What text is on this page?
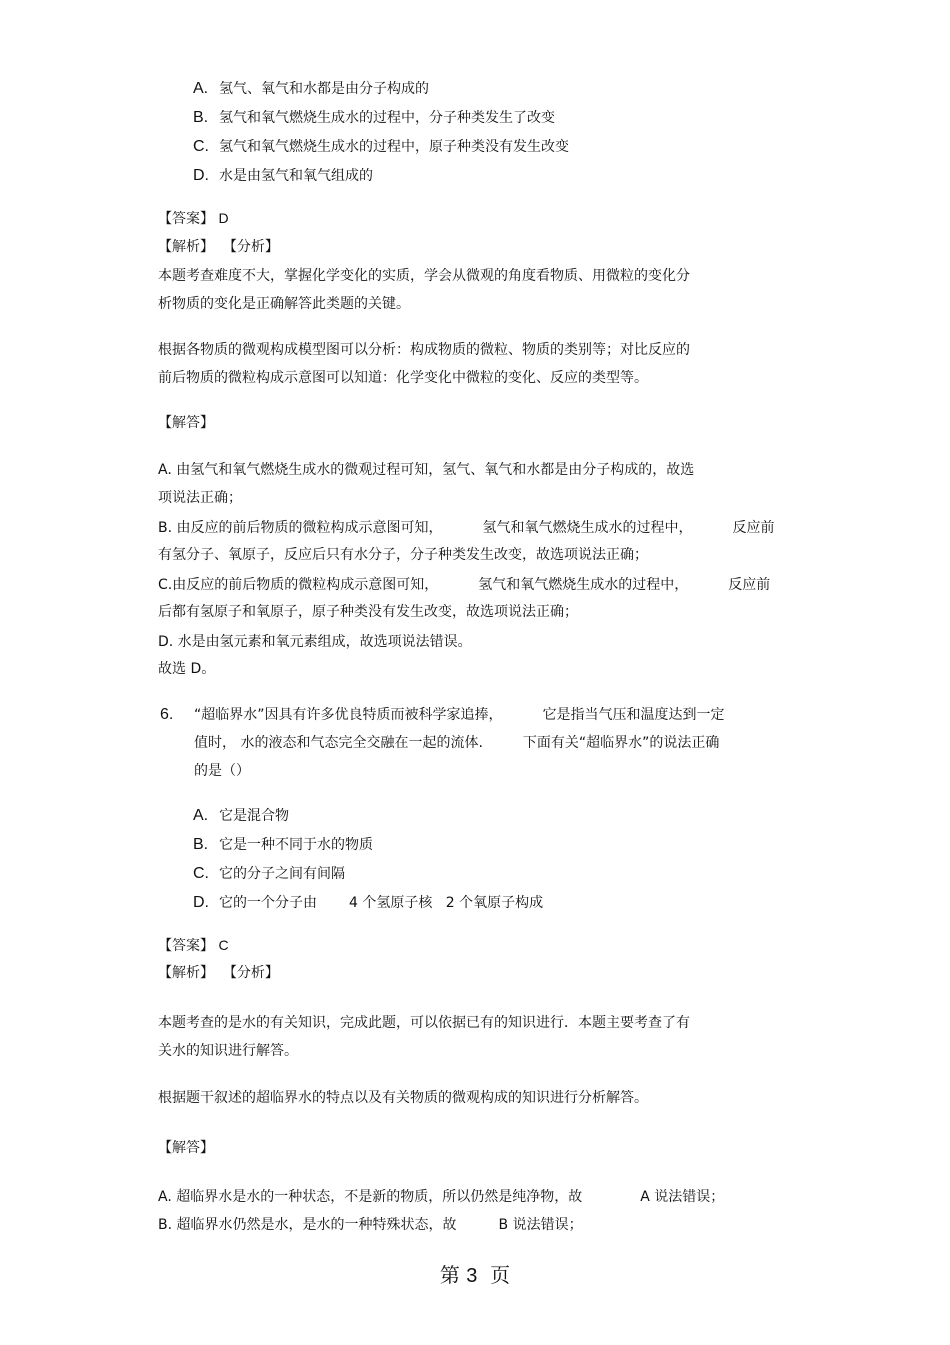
A. 氢气、氧气和水都是由分子构成的
B. 氢气和氧气燃烧生成水的过程中，分子种类发生了改变
C. 氢气和氧气燃烧生成水的过程中，原子种类没有发生改变
D. 水是由氢气和氧气组成的
【答案】 D
【解析】 【分析】
本题考查难度不大，掌握化学变化的实质，学会从微观的角度看物质、用微粒的变化分
析物质的变化是正确解答此类题的关键。
根据各物质的微观构成模型图可以分析：构成物质的微粒、物质的类别等；对比反应的
前后物质的微粒构成示意图可以知道：化学变化中微粒的变化、反应的类型等。
【解答】
A. 由氢气和氧气燃烧生成水的微观过程可知，氢气、氧气和水都是由分子构成的，故选
项说法正确；
B. 由反应的前后物质的微粒构成示意图可知，	氢气和氧气燃烧生成水的过程中，	反应前
有氢分子、氧原子，反应后只有水分子，分子种类发生改变，故选项说法正确；
C.由反应的前后物质的微粒构成示意图可知，	氢气和氧气燃烧生成水的过程中，	反应前
后都有氢原子和氧原子，原子种类没有发生改变，故选项说法正确；
D. 水是由氢元素和氧元素组成，故选项说法错误。
故选 D。
6. “超临界水”因具有许多优良特质而被科学家追捧，	它是指当气压和温度达到一定
值时， 水的液态和气态完全交融在一起的流体.	下面有关“超临界水”的说法正确
的是（）
A. 它是混合物
B. 它是一种不同于水的物质
C. 它的分子之间有间隔
D. 它的一个分子由 4 个氢原子核 2 个氧原子构成
【答案】 C
【解析】 【分析】
本题考查的是水的有关知识，完成此题，可以依据已有的知识进行．本题主要考查了有
关水的知识进行解答。
根据题干叙述的超临界水的特点以及有关物质的微观构成的知识进行分析解答。
【解答】
A. 超临界水是水的一种状态，不是新的物质，所以仍然是纯净物，故	A 说法错误；
B. 超临界水仍然是水，是水的一种特殊状态，故	B 说法错误；
第 3 页
